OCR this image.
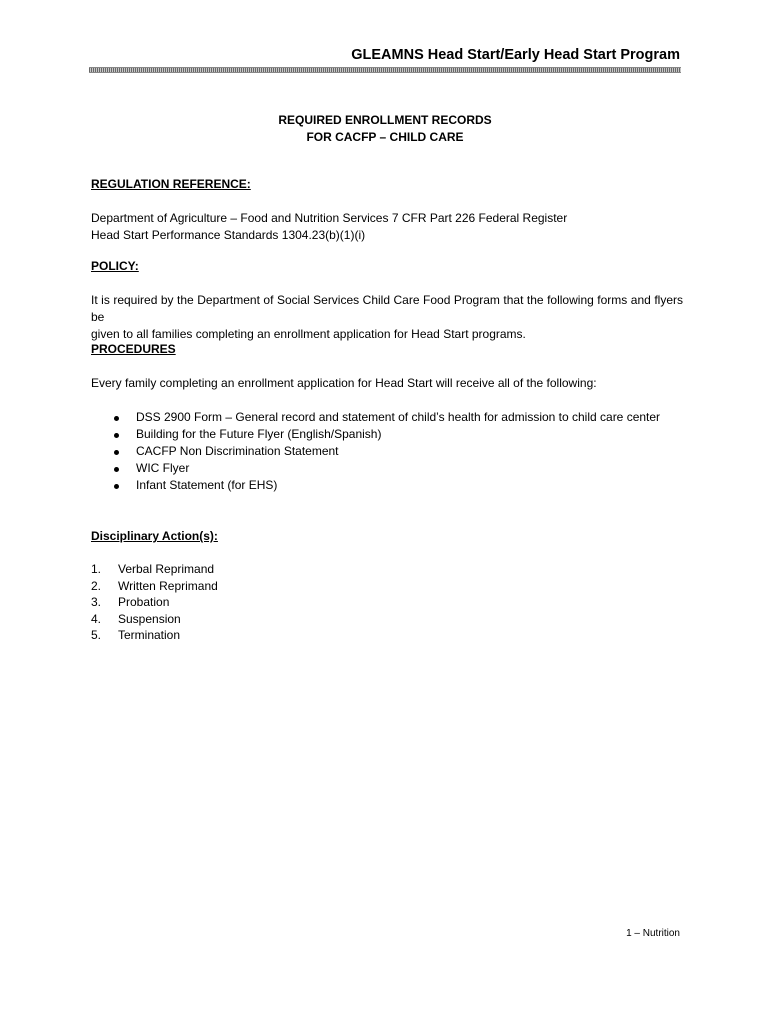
GLEAMNS Head Start/Early Head Start Program
REQUIRED ENROLLMENT RECORDS
FOR CACFP – CHILD CARE
REGULATION REFERENCE:
Department of Agriculture – Food and Nutrition Services 7 CFR Part 226 Federal Register
Head Start Performance Standards 1304.23(b)(1)(i)
POLICY:
It is required by the Department of Social Services Child Care Food Program that the following forms and flyers be
given to all families completing an enrollment application for Head Start programs.
PROCEDURES
Every family completing an enrollment application for Head Start will receive all of the following:
DSS 2900 Form – General record and statement of child’s health for admission to child care center
Building for the Future Flyer (English/Spanish)
CACFP Non Discrimination Statement
WIC Flyer
Infant Statement (for EHS)
Disciplinary Action(s):
1. Verbal Reprimand
2. Written Reprimand
3. Probation
4. Suspension
5. Termination
1 – Nutrition
